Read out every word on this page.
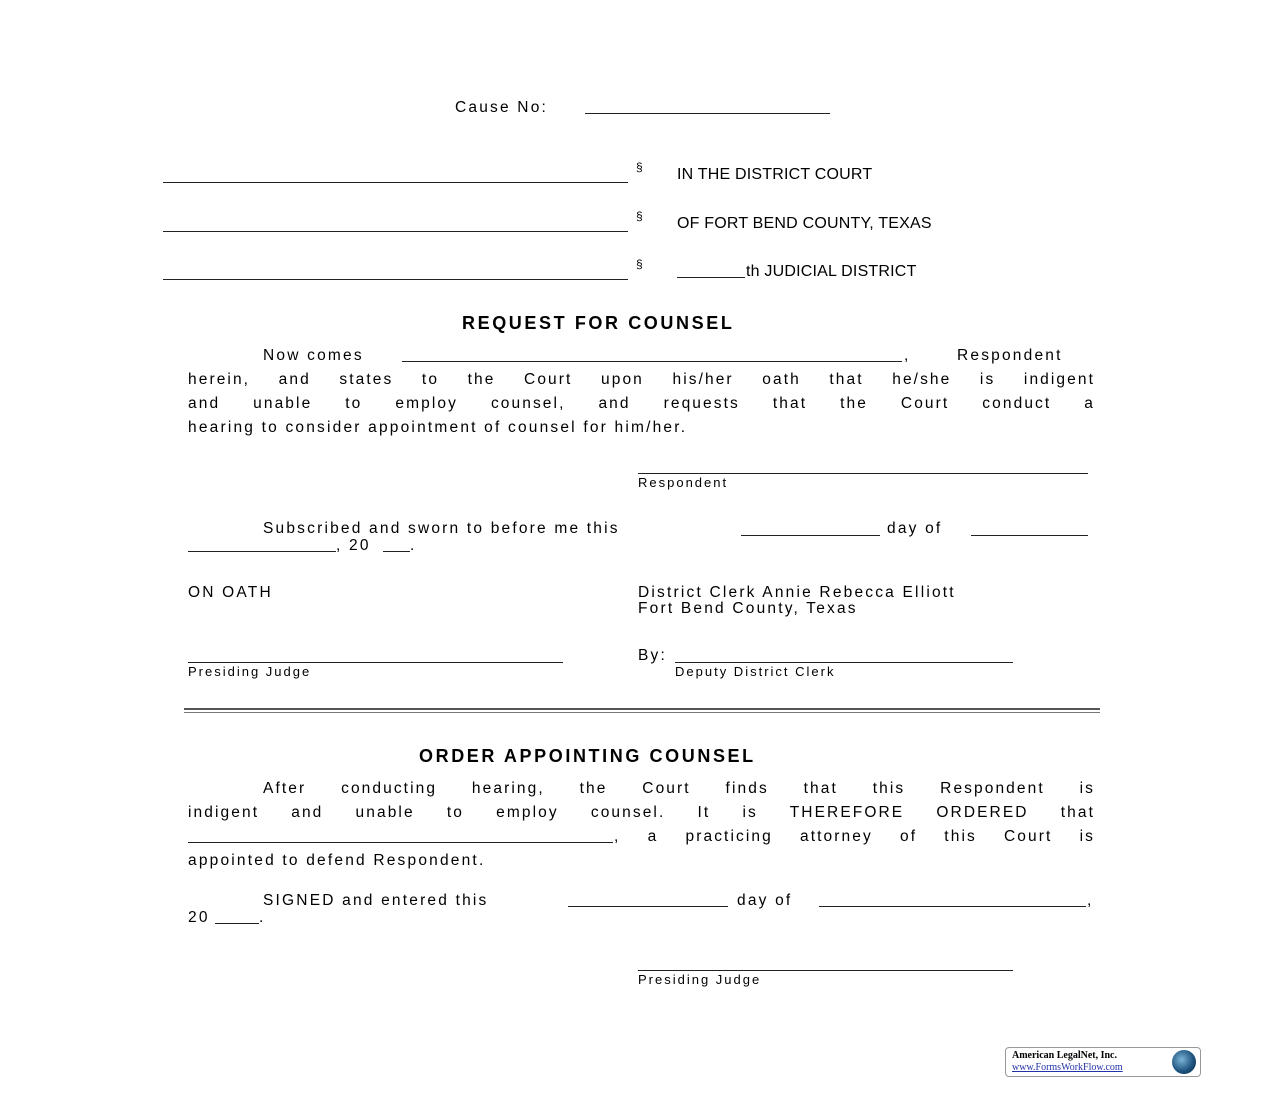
Cause No:
§ IN THE DISTRICT COURT
§ OF FORT BEND COUNTY, TEXAS
§	th JUDICIAL DISTRICT
REQUEST FOR COUNSEL
Now comes	,	Respondent
herein, and states to the Court upon his/her oath that he/she is indigent
and unable to employ counsel, and requests that the Court conduct a
hearing to consider appointment of counsel for him/her.
Respondent
Subscribed and sworn to before me this	day of
, 20	.
ON OATH	District Clerk Annie Rebecca Elliott
Fort Bend County, Texas
Presiding Judge
By:
Deputy District Clerk
ORDER APPOINTING COUNSEL
After conducting hearing, the Court finds that this Respondent is
indigent and unable to employ counsel. It is THEREFORE ORDERED that
, a practicing attorney of this Court is
appointed to defend Respondent.
SIGNED and entered this	day of	,
20	.
Presiding Judge
American LegalNet, Inc.
www.FormsWorkFlow.com
